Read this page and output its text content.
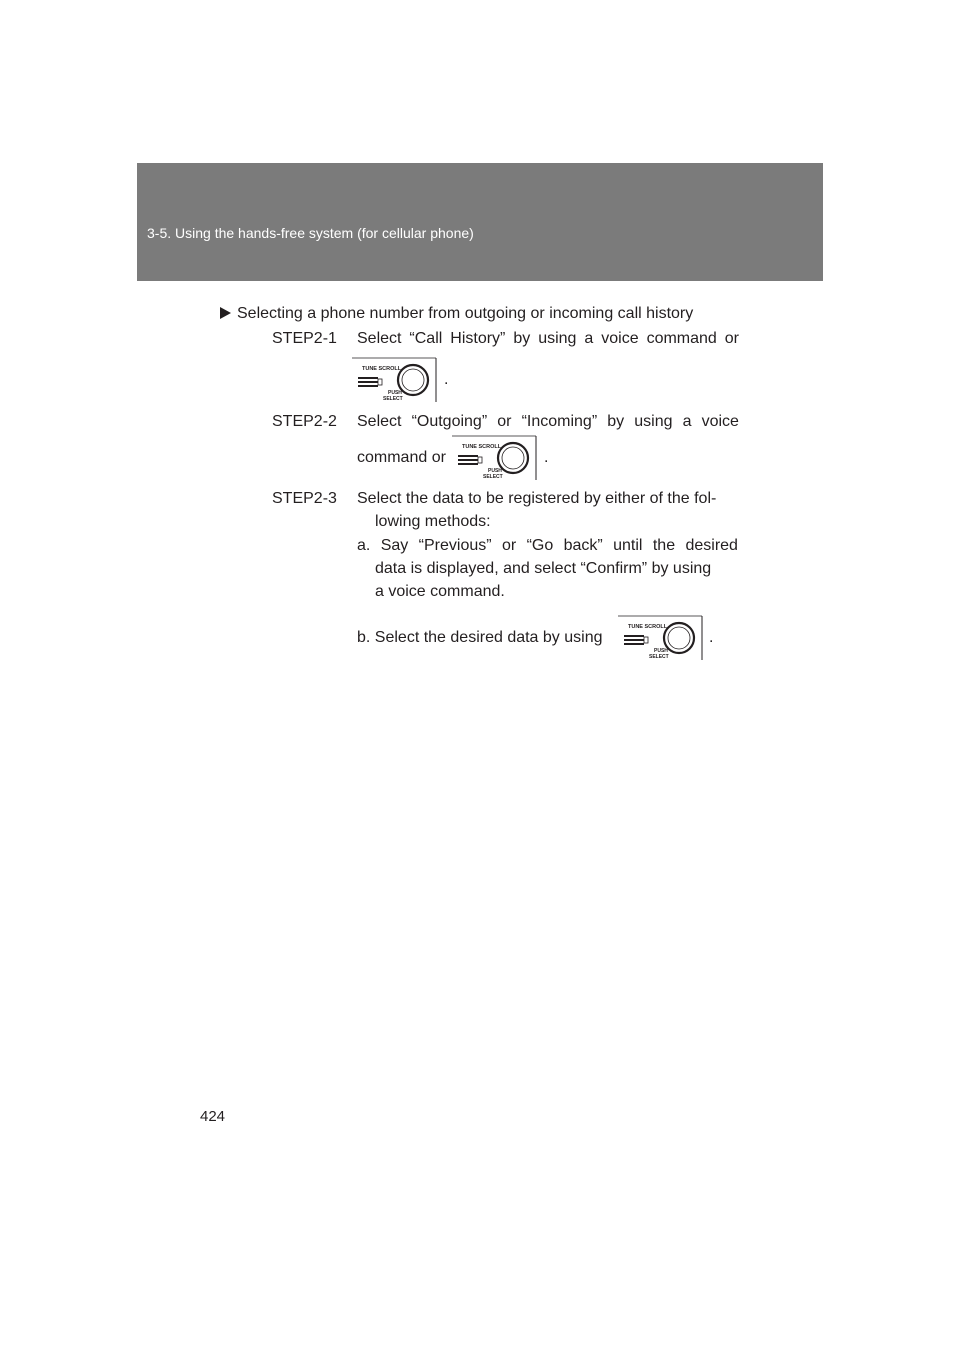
3-5. Using the hands-free system (for cellular phone)
Selecting a phone number from outgoing or incoming call history
STEP2-1 Select “Call History” by using a voice command or
TUNE SCROLL
PUSH
SELECT
.
STEP2-2 Select “Outgoing” or “Incoming” by using a voice
command or
TUNE SCROLL
PUSH
SELECT
.
STEP2-3 Select the data to be registered by either of the fol-
lowing methods:
a. Say “Previous” or “Go back” until the desired
data is displayed, and select “Confirm” by using
a voice command.
b. Select the desired data by using
TUNE SCROLL
PUSH
SELECT
.
424
